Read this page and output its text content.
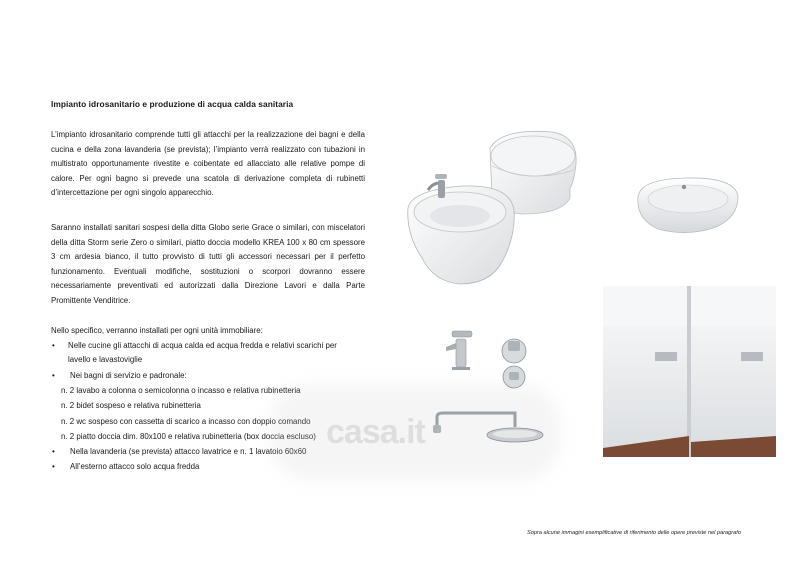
Impianto idrosanitario e produzione di acqua calda sanitaria

L’impianto idrosanitario comprende tutti gli attacchi per la realizzazione dei bagni e della cucina e della zona lavanderia (se prevista); l’impianto verrà realizzato con tubazioni in multistrato opportunamente rivestite e coibentate ed allacciato alle relative pompe di calore. Per ogni bagno si prevede una scatola di derivazione completa di rubinetti d’intercettazione per ogni singolo apparecchio.

Saranno installati sanitari sospesi della ditta Globo serie Grace o similari, con miscelatori della ditta Storm serie Zero o similari, piatto doccia modello KREA 100 x 80 cm spessore 3 cm ardesia bianco, il tutto provvisto di tutti gli accessori necessari per il perfetto funzionamento. Eventuali modifiche, sostituzioni o scorpori dovranno essere necessariamente preventivati ed autorizzati dalla Direzione Lavori e dalla Parte Promittente Venditrice.

Nello specifico, verranno installati per ogni unità immobiliare:

• Nelle cucine gli attacchi di acqua calda ed acqua fredda e relativi scarichi per
lavello e lavastoviglie
• Nei bagni di servizio e padronale:
n. 2 lavabo a colonna o semicolonna o incasso e relativa rubinetteria
n. 2 bidet sospeso e relativa rubinetteria
n. 2 wc sospeso con cassetta di scarico a incasso con doppio comando
n. 2 piatto doccia dim. 80x100 e relativa rubinetteria (box doccia escluso)
• Nella lavanderia (se prevista) attacco lavatrice e n. 1 lavatoio 60x60
• All’esterno attacco solo acqua fredda
casa.it
Sopra alcune immagini esemplificative di riferimento delle opere previste nel paragrafo
